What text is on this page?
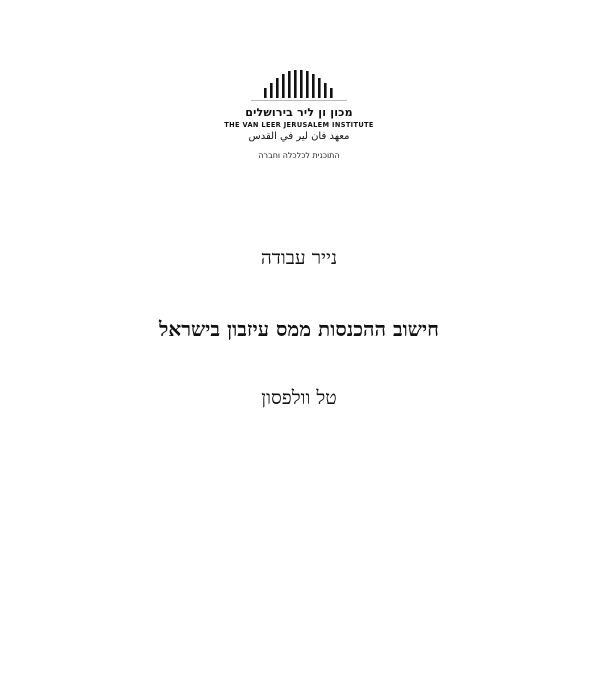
מכון ון ליר בירושלים
THE VAN LEER JERUSALEM INSTITUTE
معهد فان لير في القدس
התוכנית לכלכלה וחברה
נייר עבודה
חישוב ההכנסות ממס עיזבון בישראל
טל וולפסון
